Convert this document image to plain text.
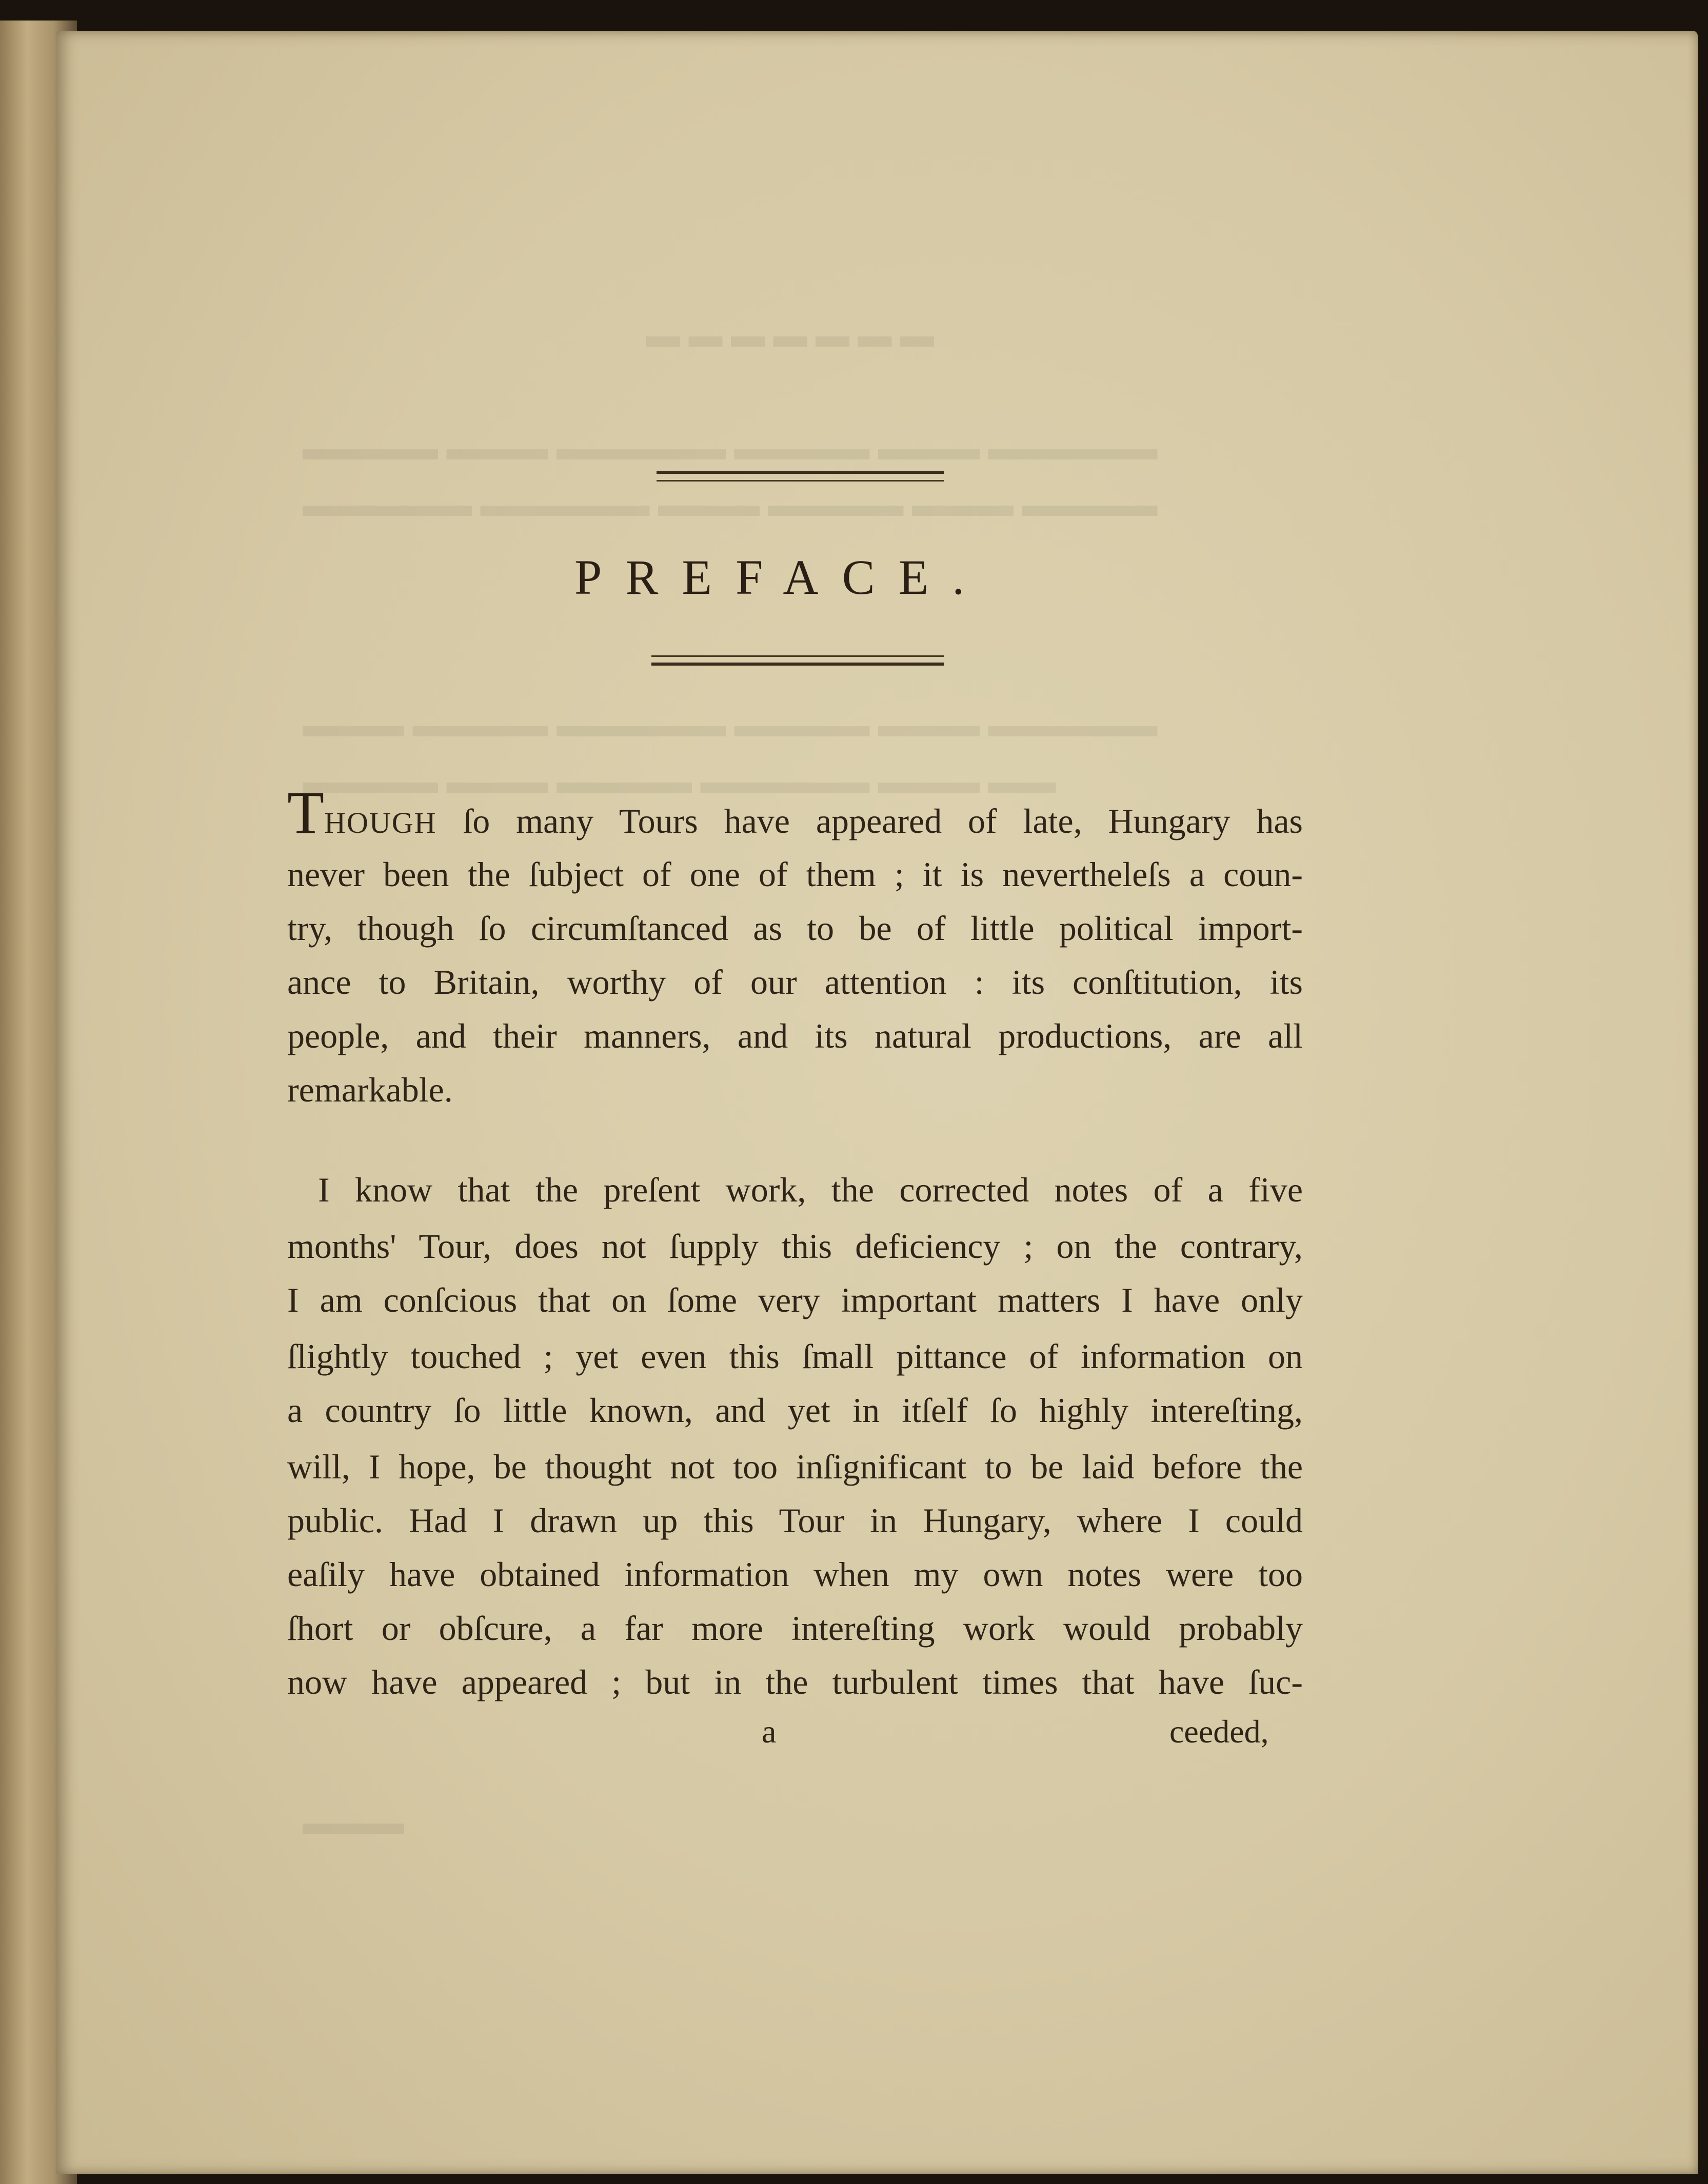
▬ ▬ ▬ ▬ ▬ ▬ ▬
▬▬▬▬ ▬▬▬ ▬▬▬▬▬ ▬▬▬▬ ▬▬▬ ▬▬▬▬▬
▬▬▬▬▬ ▬▬▬▬▬ ▬▬▬ ▬▬▬▬ ▬▬▬ ▬▬▬▬
▬▬▬ ▬▬▬▬ ▬▬▬▬▬ ▬▬▬▬ ▬▬▬ ▬▬▬▬▬
▬▬▬▬ ▬▬▬ ▬▬▬▬ ▬▬▬▬▬ ▬▬▬ ▬▬
▬▬▬
PREFACE.
THOUGH ſo many Tours have appeared of late, Hungary has
never been the ſubject of one of them ; it is nevertheleſs a coun-
try, though ſo circumſtanced as to be of little political import-
ance to Britain, worthy of our attention : its conſtitution, its
people, and their manners, and its natural productions, are all
remarkable.
I know that the preſent work, the corrected notes of a five
months' Tour, does not ſupply this deficiency ; on the contrary,
I am conſcious that on ſome very important matters I have only
ſlightly touched ; yet even this ſmall pittance of information on
a country ſo little known, and yet in itſelf ſo highly intereſting,
will, I hope, be thought not too inſignificant to be laid before the
public. Had I drawn up this Tour in Hungary, where I could
eaſily have obtained information when my own notes were too
ſhort or obſcure, a far more intereſting work would probably
now have appeared ; but in the turbulent times that have ſuc-
a	ceeded,
